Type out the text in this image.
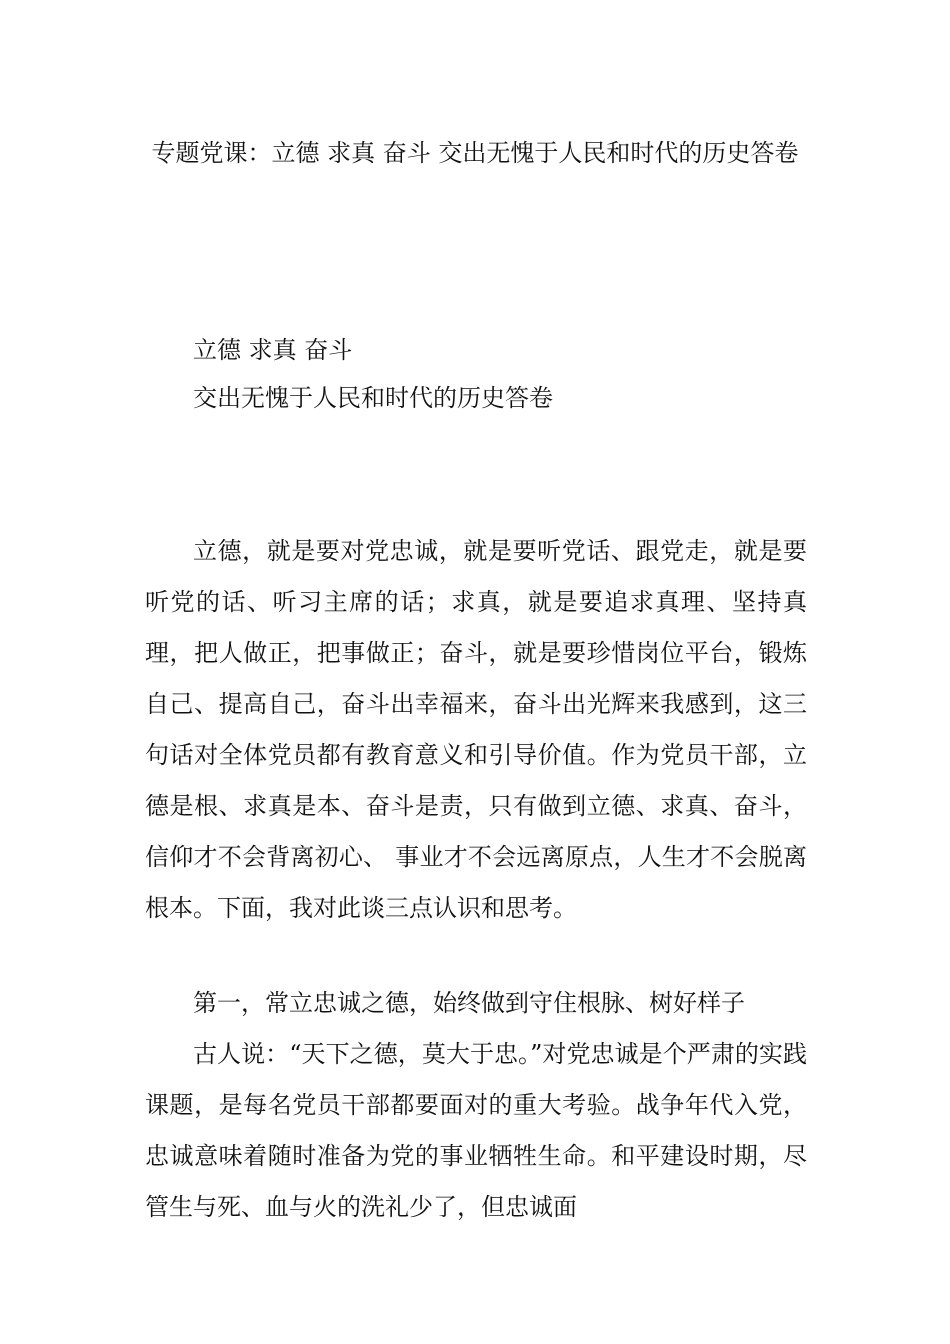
专题党课：立德 求真 奋斗 交出无愧于人民和时代的历史答卷

立德 求真 奋斗

交出无愧于人民和时代的历史答卷

立德，就是要对党忠诚，就是要听党话、跟党走，就是要听党的话、听习主席的话；求真，就是要追求真理、坚持真理，把人做正，把事做正；奋斗，就是要珍惜岗位平台，锻炼自己、提高自己，奋斗出幸福来，奋斗出光辉来我感到，这三句话对全体党员都有教育意义和引导价值。作为党员干部，立德是根、求真是本、奋斗是责，只有做到立德、求真、奋斗，信仰才不会背离初心、 事业才不会远离原点，人生才不会脱离根本。下面，我对此谈三点认识和思考。

第一，常立忠诚之德，始终做到守住根脉、树好样子

古人说：“天下之德，莫大于忠。”对党忠诚是个严肃的实践课题，是每名党员干部都要面对的重大考验。战争年代入党，忠诚意味着随时准备为党的事业牺牲生命。和平建设时期，尽管生与死、血与火的洗礼少了，但忠诚面
